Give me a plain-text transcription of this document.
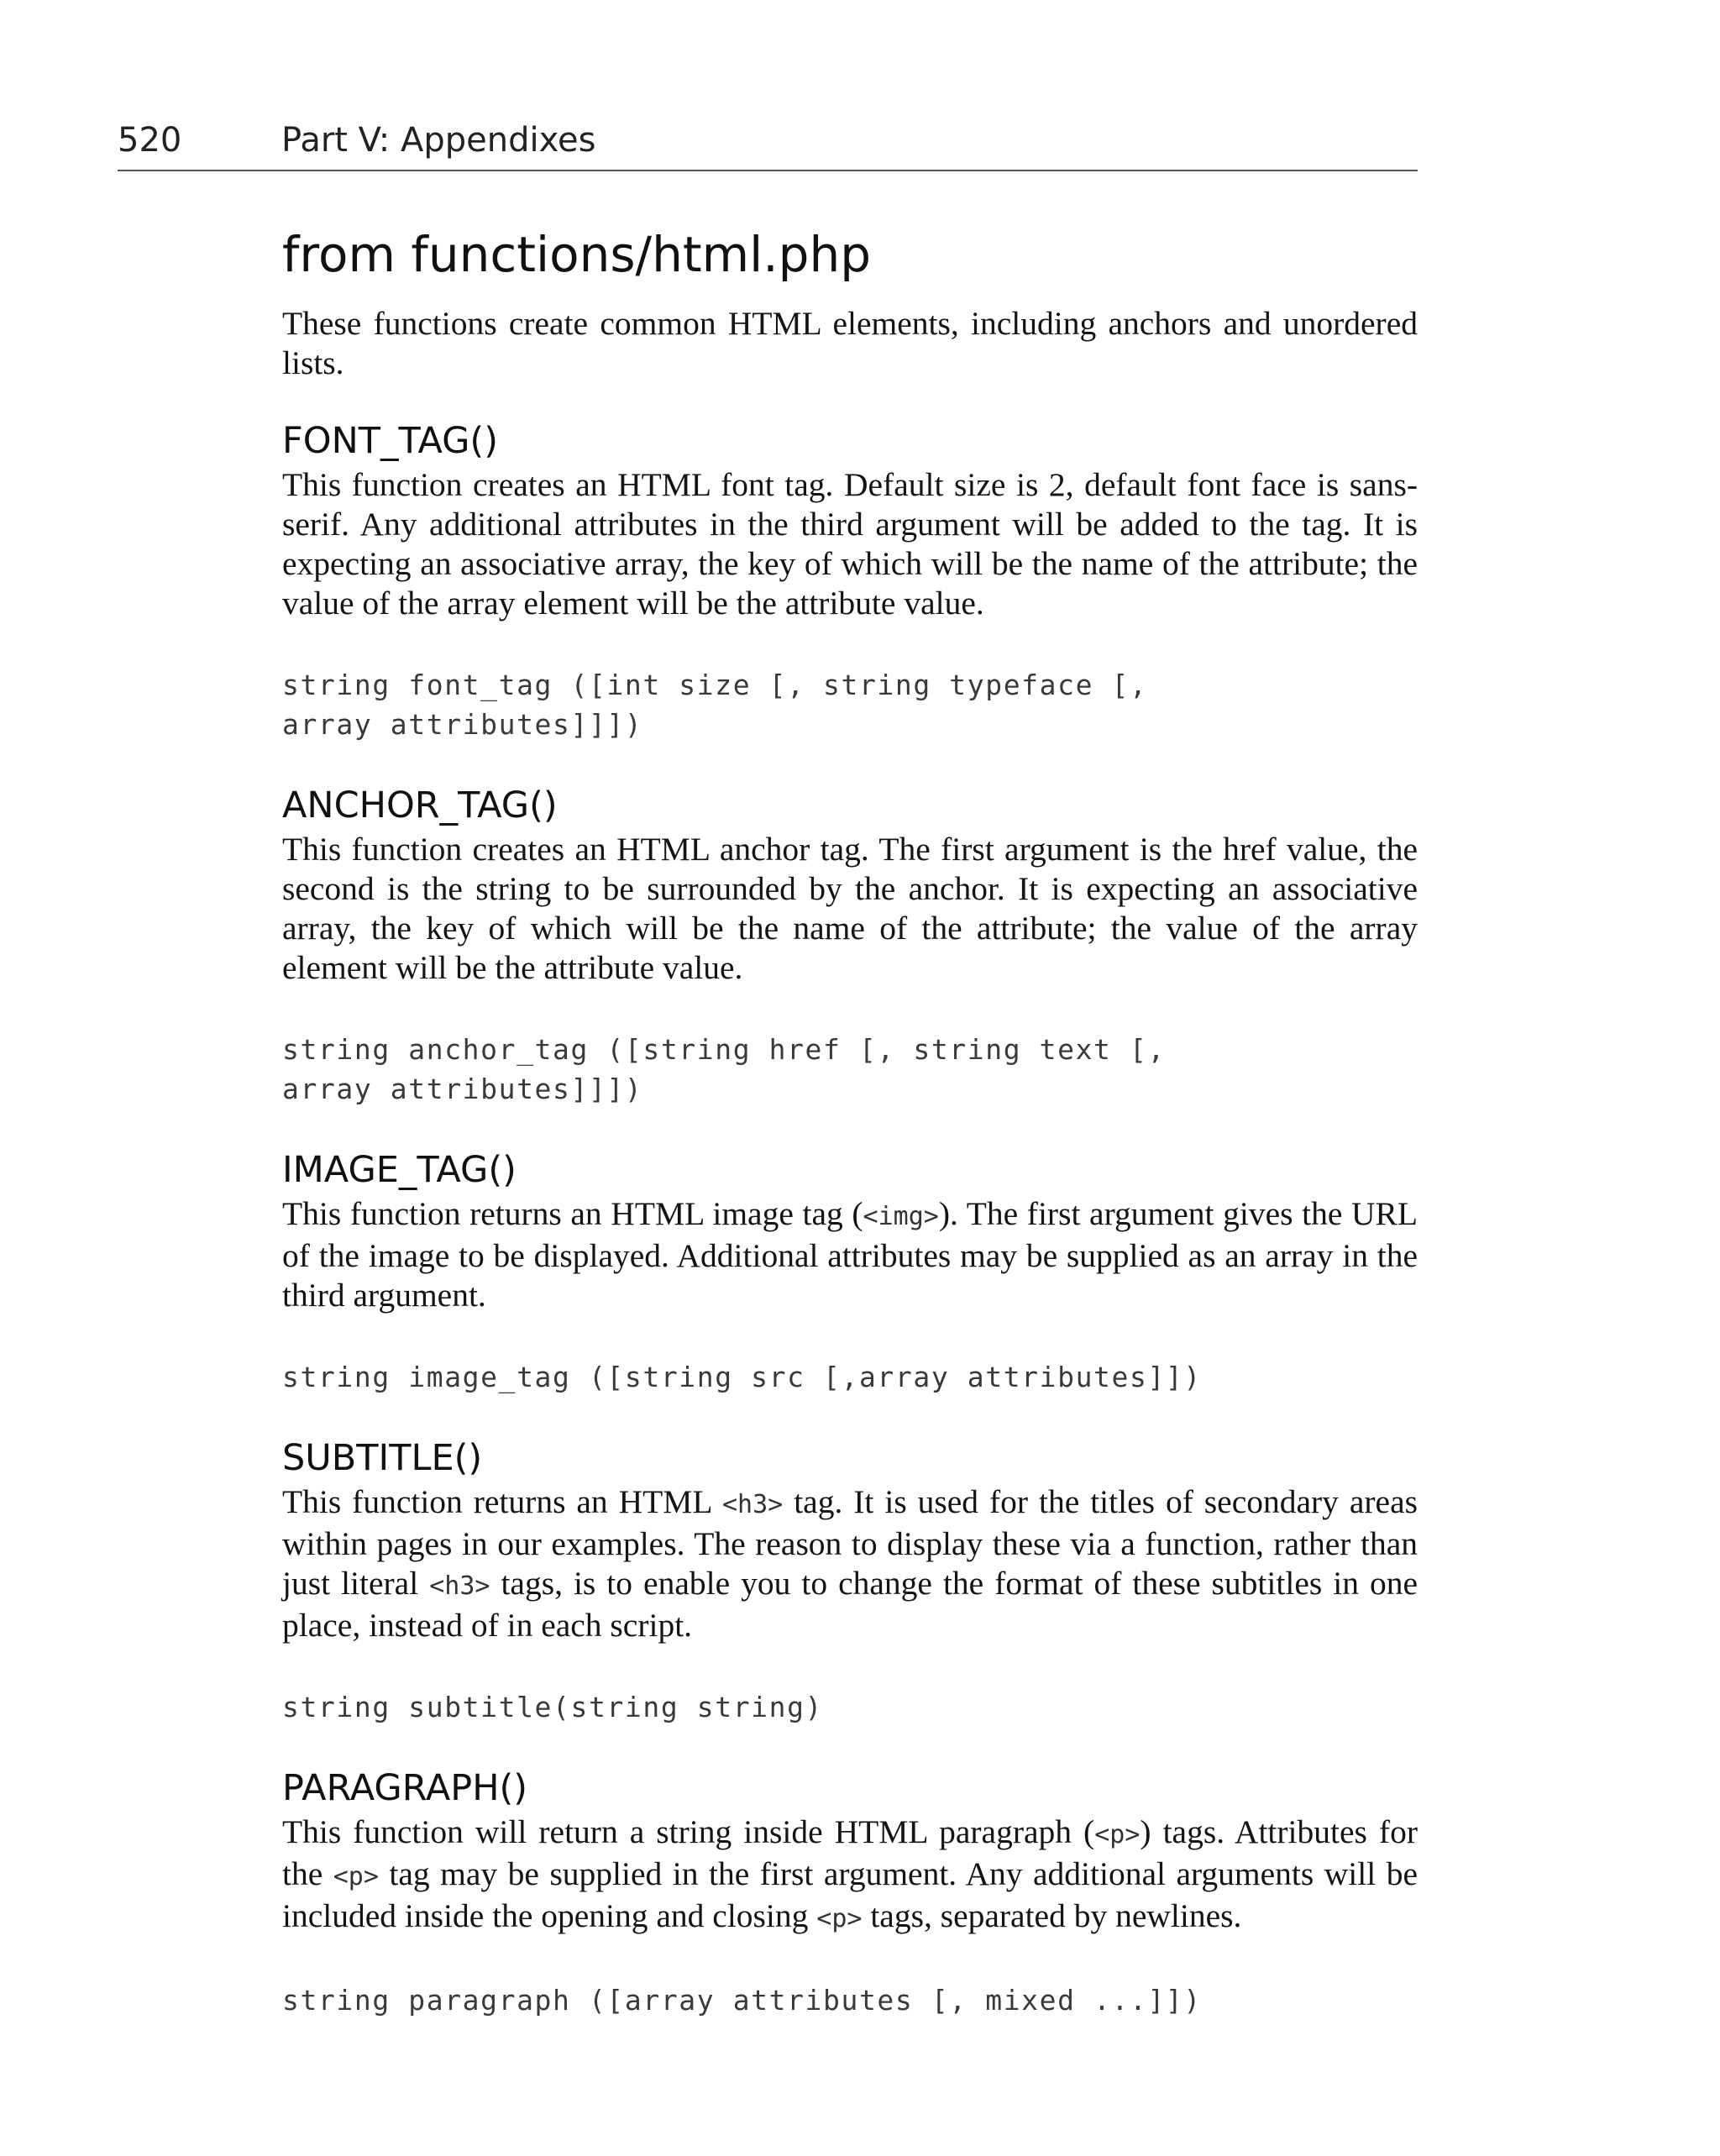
520	Part V: Appendixes
from functions/html.php

These functions create common HTML elements, including anchors and unordered lists.

FONT_TAG()

This function creates an HTML font tag. Default size is 2, default font face is sans-serif. Any additional attributes in the third argument will be added to the tag. It is expecting an associative array, the key of which will be the name of the attribute; the value of the array element will be the attribute value.

string font_tag ([int size [, string typeface [, array attributes]]])
ANCHOR_TAG()

This function creates an HTML anchor tag. The first argument is the href value, the second is the string to be surrounded by the anchor. It is expecting an associative array, the key of which will be the name of the attribute; the value of the array element will be the attribute value.

string anchor_tag ([string href [, string text [, array attributes]]])
IMAGE_TAG()

This function returns an HTML image tag (<img>). The first argument gives the URL of the image to be displayed. Additional attributes may be supplied as an array in the third argument.

string image_tag ([string src [,array attributes]])
SUBTITLE()

This function returns an HTML <h3> tag. It is used for the titles of secondary areas within pages in our examples. The reason to display these via a function, rather than just literal <h3> tags, is to enable you to change the format of these subtitles in one place, instead of in each script.

string subtitle(string string)
PARAGRAPH()

This function will return a string inside HTML paragraph (<p>) tags. Attributes for the <p> tag may be supplied in the first argument. Any additional arguments will be included inside the opening and closing <p> tags, separated by newlines.

string paragraph ([array attributes [, mixed ...]])
